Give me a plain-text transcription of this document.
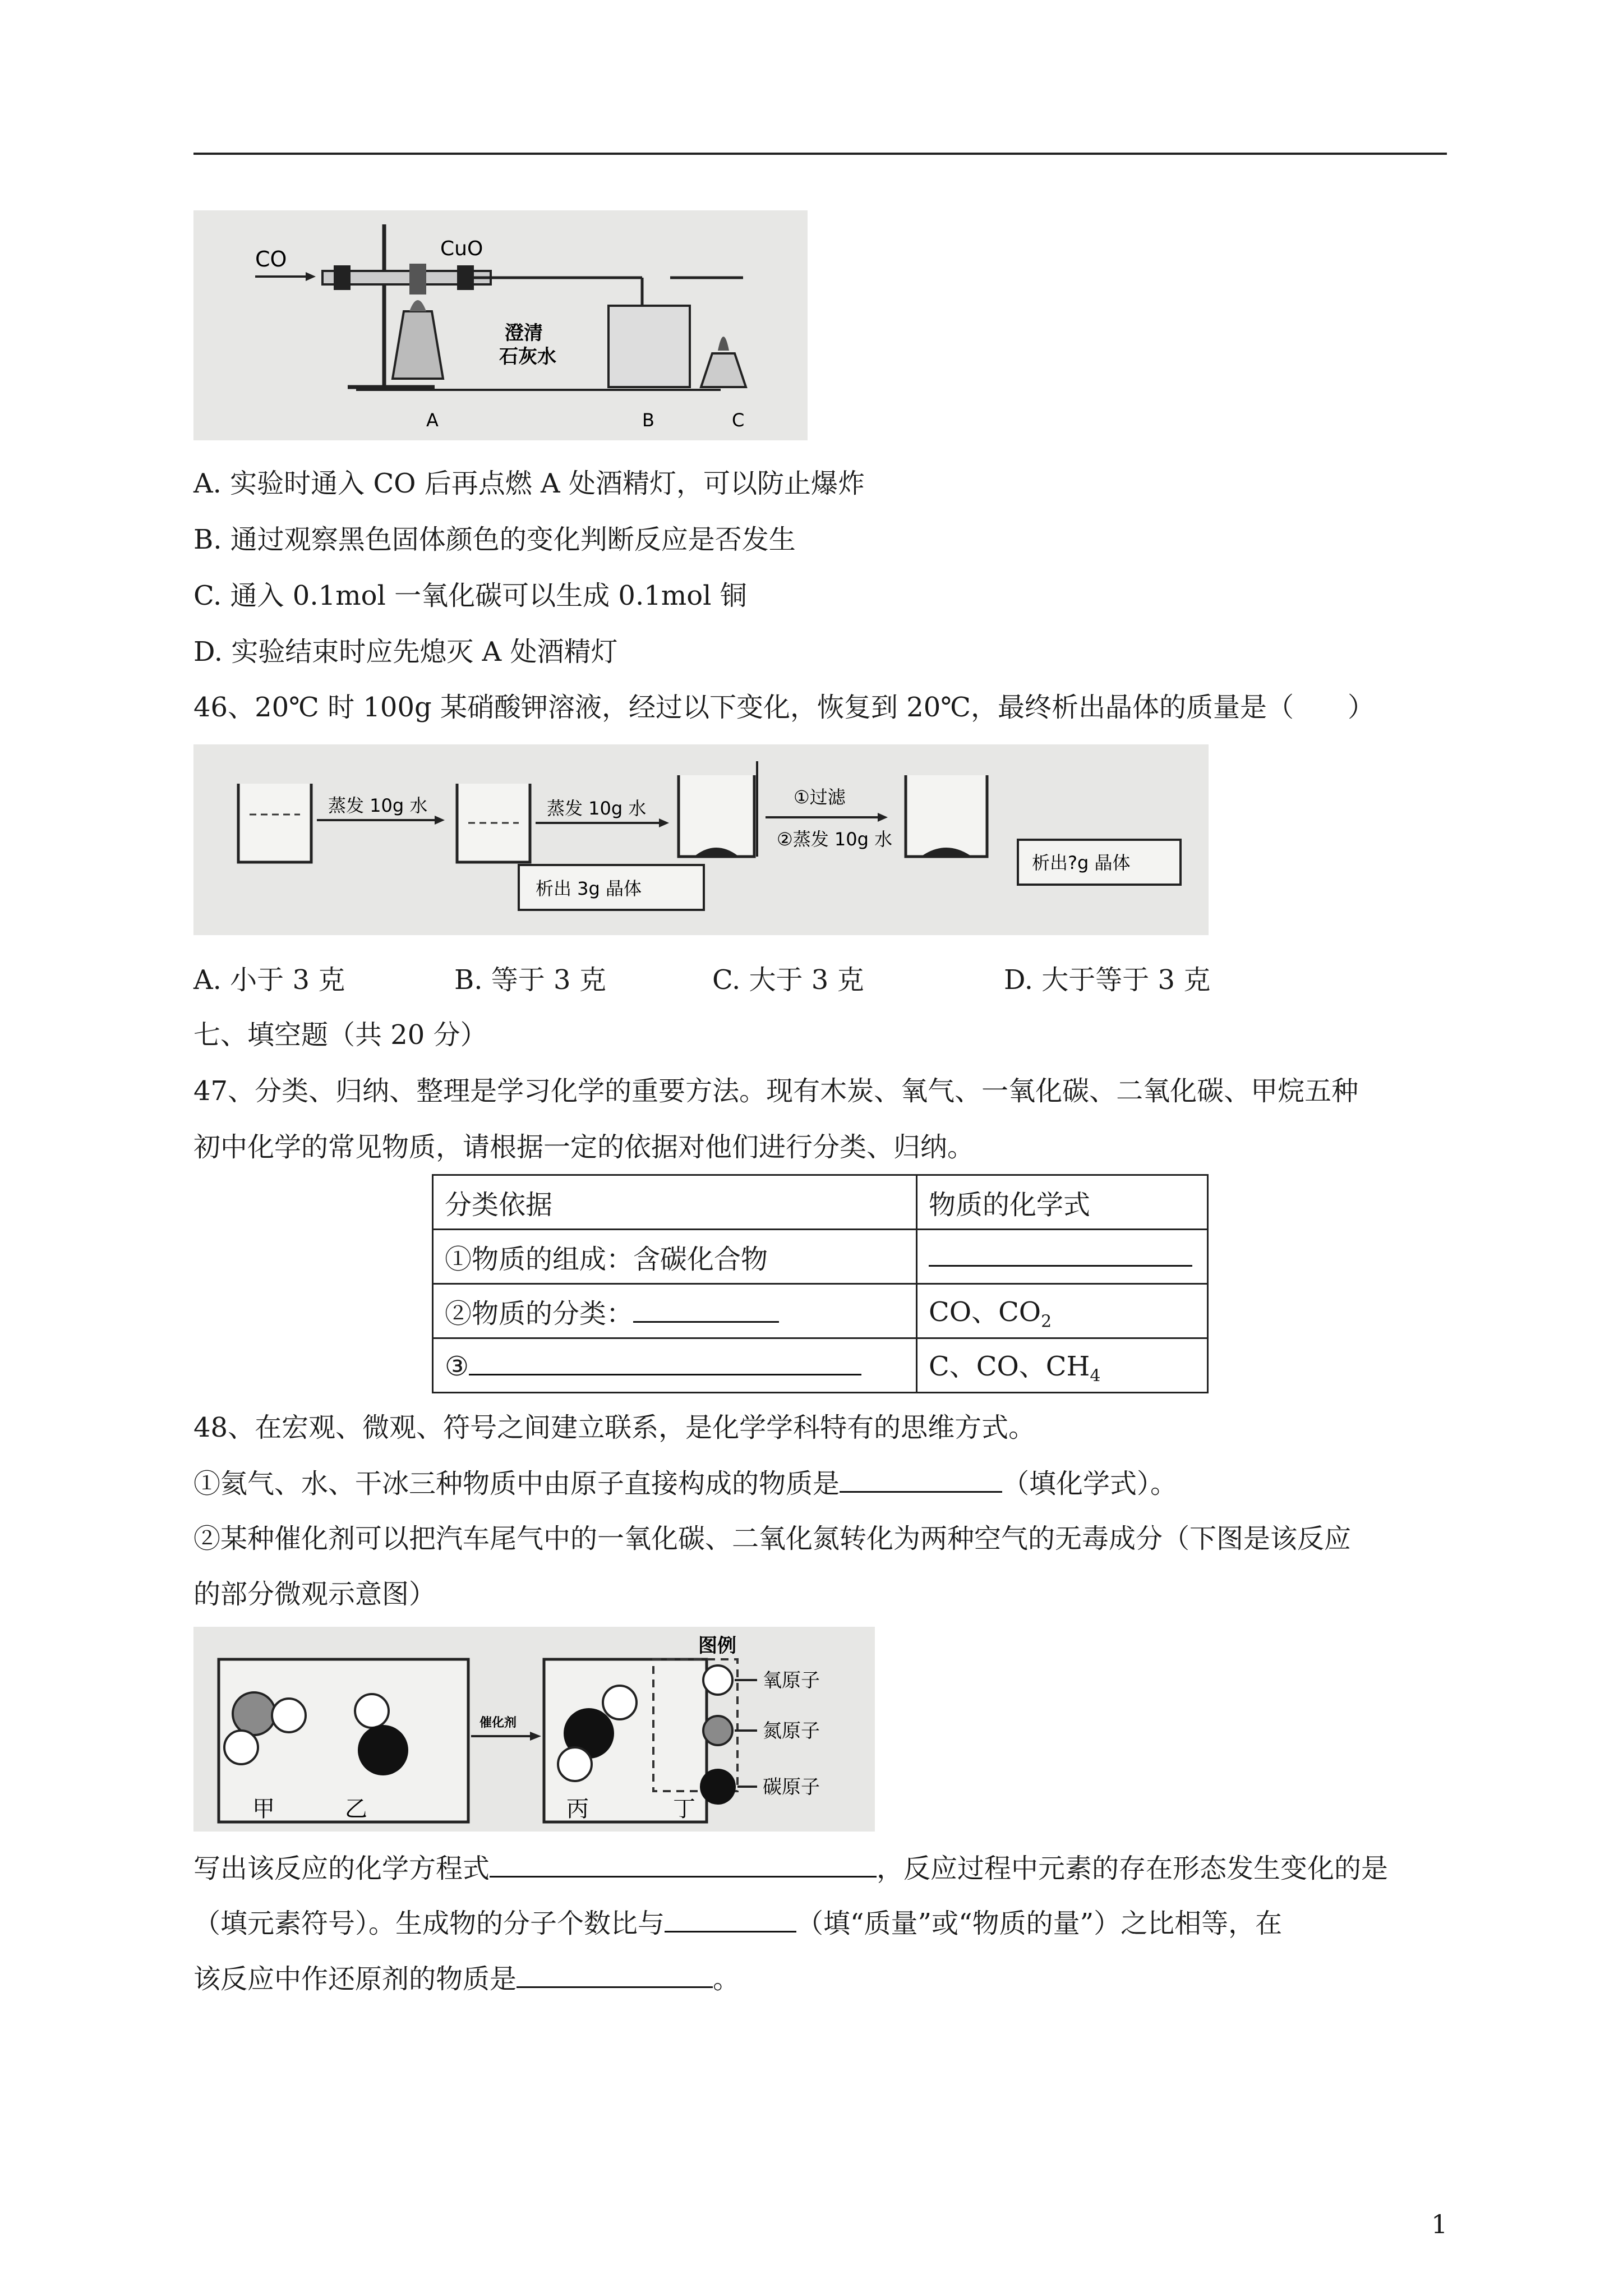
CO	CuO
澄清
石灰水
A	B	C
A. 实验时通入 CO 后再点燃 A 处酒精灯，可以防止爆炸
B. 通过观察黑色固体颜色的变化判断反应是否发生
C. 通入 0.1mol 一氧化碳可以生成 0.1mol 铜
D. 实验结束时应先熄灭 A 处酒精灯
46、20℃ 时 100g 某硝酸钾溶液，经过以下变化，恢复到 20℃，最终析出晶体的质量是（　　）
蒸发 10g 水	蒸发 10g 水
①过滤
②蒸发 10g 水
析出 3g 晶体
析出?g 晶体
A. 小于 3 克	B. 等于 3 克	C. 大于 3 克	D. 大于等于 3 克
七、填空题（共 20 分）
47、分类、归纳、整理是学习化学的重要方法。现有木炭、氧气、一氧化碳、二氧化碳、甲烷五种
初中化学的常见物质，请根据一定的依据对他们进行分类、归纳。
分类依据	物质的化学式
①物质的组成：含碳化合物	
②物质的分类：	CO、$CO_2$
③	C、CO、$CH_4$
48、在宏观、微观、符号之间建立联系，是化学学科特有的思维方式。
①氦气、水、干冰三种物质中由原子直接构成的物质是	（填化学式）。
②某种催化剂可以把汽车尾气中的一氧化碳、二氧化氮转化为两种空气的无毒成分（下图是该反应
的部分微观示意图）
甲	乙
催化剂
丙	丁
图例
氧原子
氮原子
碳原子
写出该反应的化学方程式	，反应过程中元素的存在形态发生变化的是
（填元素符号）。生成物的分子个数比与	（填“质量”或“物质的量”）之比相等，在
该反应中作还原剂的物质是	。
1
